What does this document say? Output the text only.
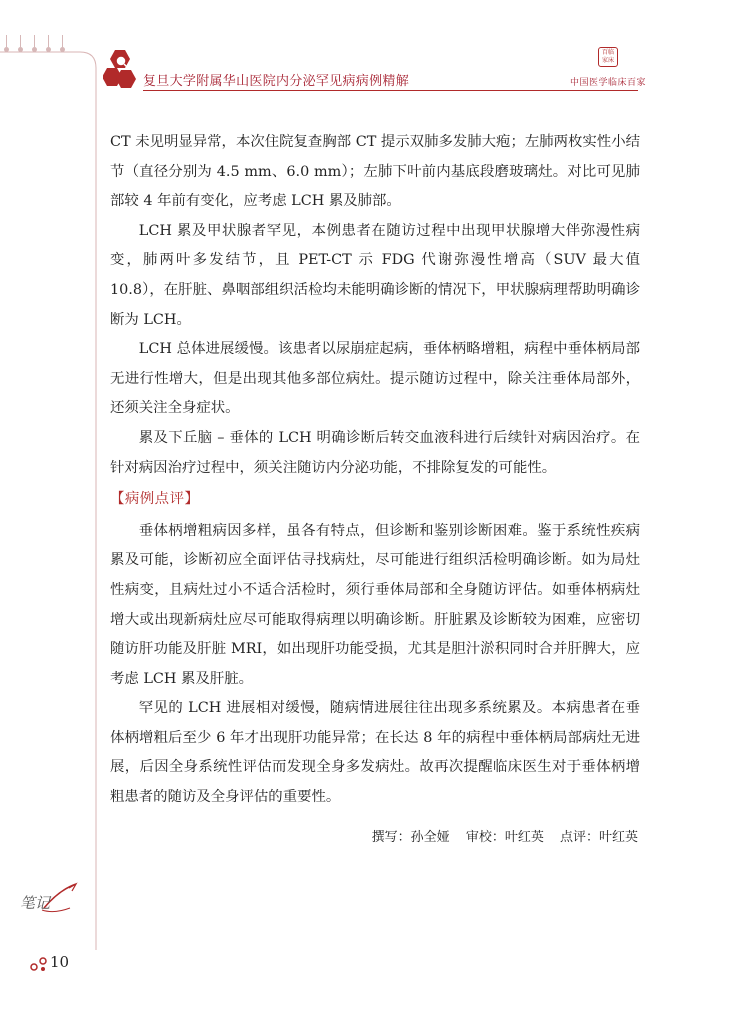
复旦大学附属华山医院内分泌罕见病病例精解
百临
家床
中国医学临床百家

CT 未见明显异常，本次住院复查胸部 CT 提示双肺多发肺大疱；左肺两枚实性小结节（直径分别为 4.5 mm、6.0 mm）；左肺下叶前内基底段磨玻璃灶。对比可见肺部较 4 年前有变化，应考虑 LCH 累及肺部。

LCH 累及甲状腺者罕见，本例患者在随访过程中出现甲状腺增大伴弥漫性病变，肺两叶多发结节，且 PET-CT 示 FDG 代谢弥漫性增高（SUV 最大值 10.8），在肝脏、鼻咽部组织活检均未能明确诊断的情况下，甲状腺病理帮助明确诊断为 LCH。

LCH 总体进展缓慢。该患者以尿崩症起病，垂体柄略增粗，病程中垂体柄局部无进行性增大，但是出现其他多部位病灶。提示随访过程中，除关注垂体局部外，还须关注全身症状。

累及下丘脑 – 垂体的 LCH 明确诊断后转交血液科进行后续针对病因治疗。在针对病因治疗过程中，须关注随访内分泌功能，不排除复发的可能性。

【病例点评】

垂体柄增粗病因多样，虽各有特点，但诊断和鉴别诊断困难。鉴于系统性疾病累及可能，诊断初应全面评估寻找病灶，尽可能进行组织活检明确诊断。如为局灶性病变，且病灶过小不适合活检时，须行垂体局部和全身随访评估。如垂体柄病灶增大或出现新病灶应尽可能取得病理以明确诊断。肝脏累及诊断较为困难，应密切随访肝功能及肝脏 MRI，如出现肝功能受损，尤其是胆汁淤积同时合并肝脾大，应考虑 LCH 累及肝脏。

罕见的 LCH 进展相对缓慢，随病情进展往往出现多系统累及。本病患者在垂体柄增粗后至少 6 年才出现肝功能异常；在长达 8 年的病程中垂体柄局部病灶无进展，后因全身系统性评估而发现全身多发病灶。故再次提醒临床医生对于垂体柄增粗患者的随访及全身评估的重要性。

撰写：孙全娅 审校：叶红英 点评：叶红英
笔记
10
